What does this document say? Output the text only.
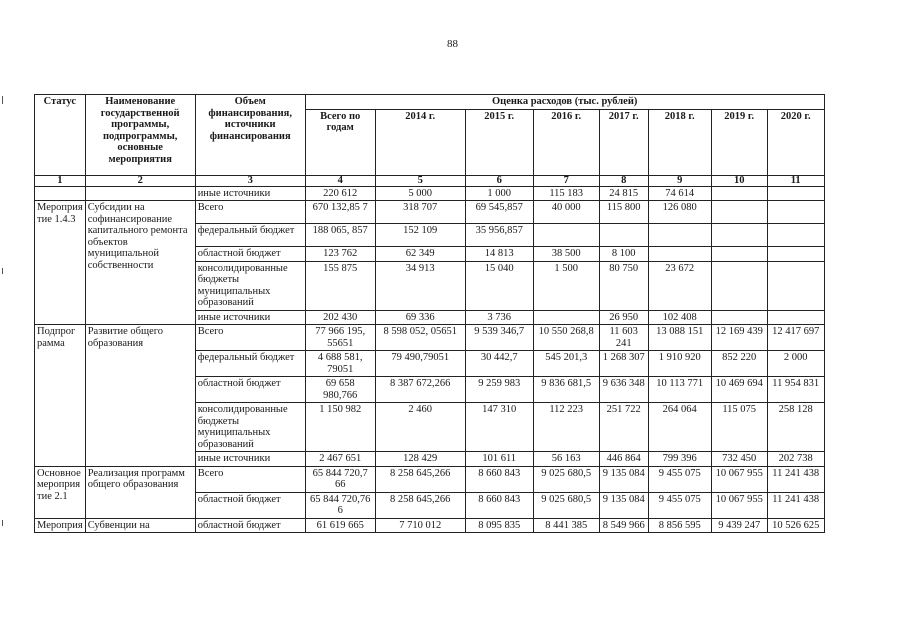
88
Статус	Наименование государственной программы, подпрограммы, основные мероприятия	Объем финансирования, источники финансирования	Оценка расходов (тыс. рублей)							
			Всего по годам	2014 г.	2015 г.	2016 г.	2017 г.	2018 г.	2019 г.	2020 г.
1	2	3	4	5	6	7	8	9	10	11
		иные источники	220 612	5 000	1 000	115 183	24 815	74 614		
Мероприя тие 1.4.3	Субсидии на софинансирование капитального ремонта объектов муниципальной собственности	Всего	670 132,85 7	318 707	69 545,857	40 000	115 800	126 080		
		федеральный бюджет	188 065, 857	152 109	35 956,857					
		областной бюджет	123 762	62 349	14 813	38 500	8 100			
		консолидированные бюджеты муниципальных образований	155 875	34 913	15 040	1 500	80 750	23 672		
		иные источники	202 430	69 336	3 736		26 950	102 408		
Подпрог рамма	Развитие общего образования	Всего	77 966 195, 55651	8 598 052, 05651	9 539 346,7	10 550 268,8	11 603 241	13 088 151	12 169 439	12 417 697
		федеральный бюджет	4 688 581, 79051	79 490,79051	30 442,7	545 201,3	1 268 307	1 910 920	852 220	2 000
		областной бюджет	69 658 980,766	8 387 672,266	9 259 983	9 836 681,5	9 636 348	10 113 771	10 469 694	11 954 831
		консолидированные бюджеты муниципальных образований	1 150 982	2 460	147 310	112 223	251 722	264 064	115 075	258 128
		иные источники	2 467 651	128 429	101 611	56 163	446 864	799 396	732 450	202 738
Основное мероприя тие 2.1	Реализация программ общего образования	Всего	65 844 720,7 66	8 258 645,266	8 660 843	9 025 680,5	9 135 084	9 455 075	10 067 955	11 241 438
		областной бюджет	65 844 720,76 6	8 258 645,266	8 660 843	9 025 680,5	9 135 084	9 455 075	10 067 955	11 241 438
Мероприя	Субвенции на	областной бюджет	61 619 665	7 710 012	8 095 835	8 441 385	8 549 966	8 856 595	9 439 247	10 526 625
